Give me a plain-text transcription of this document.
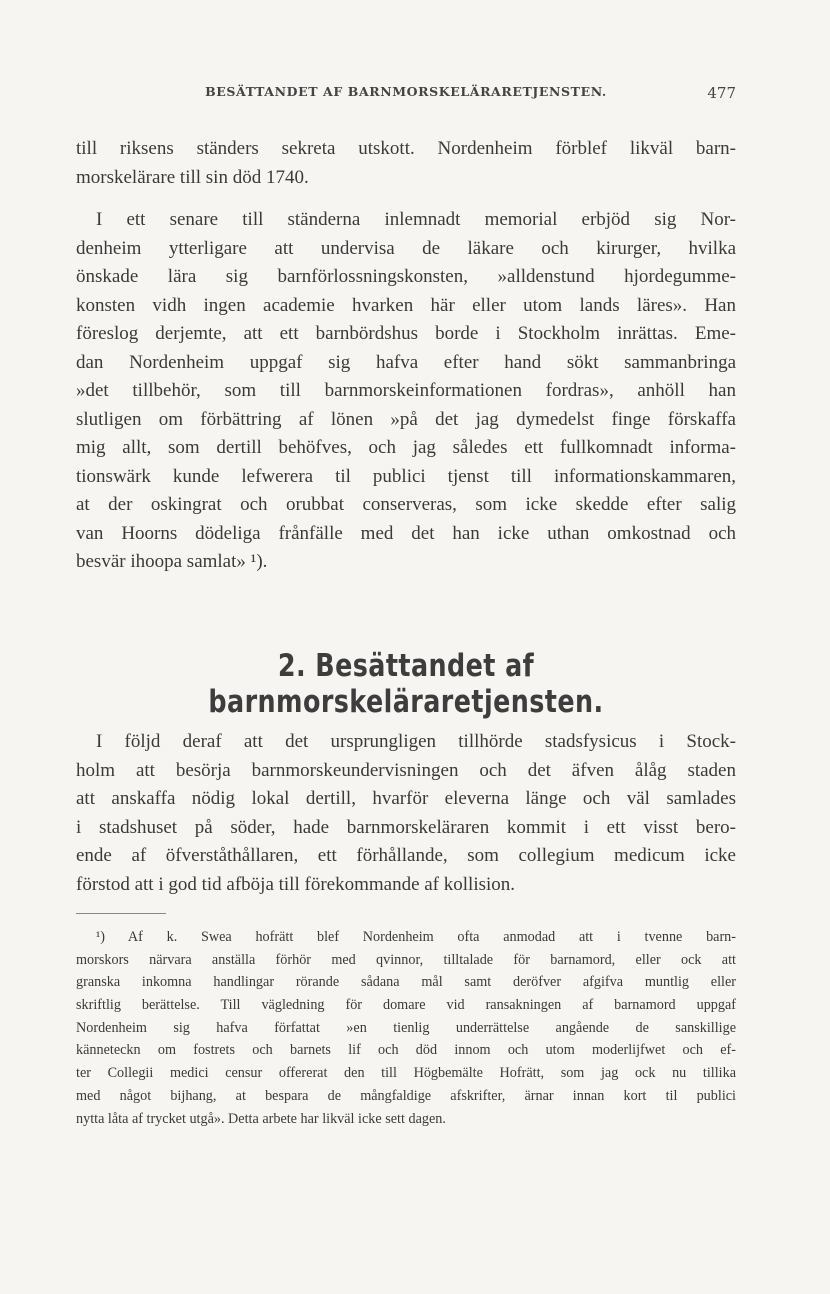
BESÄTTANDET AF BARNMORSKELÄRARETJENSTEN.	477
till riksens ständers sekreta utskott. Nordenheim förblef likväl barn-
morskelärare till sin död 1740.
I ett senare till ständerna inlemnadt memorial erbjöd sig Nor-
denheim ytterligare att undervisa de läkare och kirurger, hvilka
önskade lära sig barnförlossningskonsten, »alldenstund hjordegumme-
konsten vidh ingen academie hvarken här eller utom lands läres». Han
föreslog derjemte, att ett barnbördshus borde i Stockholm inrättas. Eme-
dan Nordenheim uppgaf sig hafva efter hand sökt sammanbringa
»det tillbehör, som till barnmorskeinformationen fordras», anhöll han
slutligen om förbättring af lönen »på det jag dymedelst finge förskaffa
mig allt, som dertill behöfves, och jag således ett fullkomnadt informa-
tionswärk kunde lefwerera til publici tjenst till informationskammaren,
at der oskingrat och orubbat conserveras, som icke skedde efter salig
van Hoorns dödeliga frånfälle med det han icke uthan omkostnad och
besvär ihoopa samlat» ¹).
2. Besättandet af barnmorskeläraretjensten.
I följd deraf att det ursprungligen tillhörde stadsfysicus i Stock-
holm att besörja barnmorskeundervisningen och det äfven ålåg staden
att anskaffa nödig lokal dertill, hvarför eleverna länge och väl samlades
i stadshuset på söder, hade barnmorskeläraren kommit i ett visst bero-
ende af öfverståthållaren, ett förhållande, som collegium medicum icke
förstod att i god tid afböja till förekommande af kollision.
¹) Af k. Swea hofrätt blef Nordenheim ofta anmodad att i tvenne barn-
morskors närvara anställa förhör med qvinnor, tilltalade för barnamord, eller ock att
granska inkomna handlingar rörande sådana mål samt deröfver afgifva muntlig eller
skriftlig berättelse. Till vägledning för domare vid ransakningen af barnamord uppgaf
Nordenheim sig hafva författat »en tienlig underrättelse angående de sanskillige
känneteckn om fostrets och barnets lif och död innom och utom moderlijfwet och ef-
ter Collegii medici censur offererat den till Högbemälte Hofrätt, som jag ock nu tillika
med något bijhang, at bespara de mångfaldige afskrifter, ärnar innan kort til publici
nytta låta af trycket utgå». Detta arbete har likväl icke sett dagen.
